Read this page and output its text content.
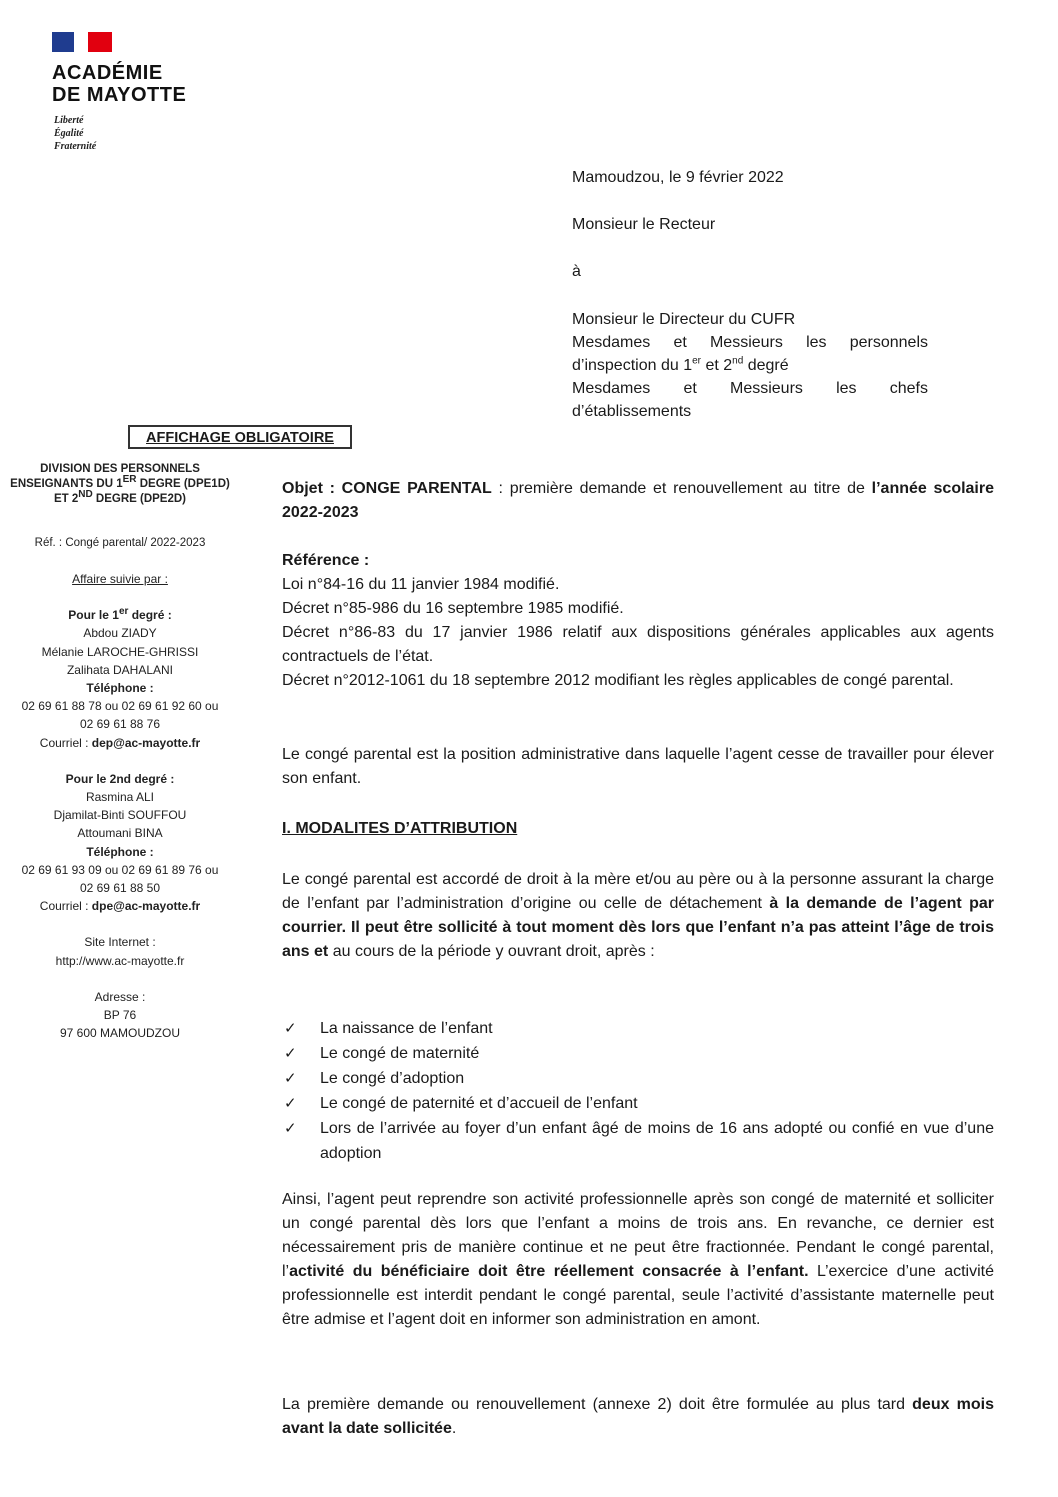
ACADÉMIE
DE MAYOTTE
Liberté
Égalité
Fraternité
Mamoudzou, le 9 février 2022
Monsieur le Recteur
à
Monsieur le Directeur du CUFR
Mesdames et Messieurs les personnels
d’inspection du 1er et 2nd degré
Mesdames et Messieurs les chefs
d’établissements
AFFICHAGE OBLIGATOIRE
DIVISION DES PERSONNELS
ENSEIGNANTS DU 1ER DEGRE (DPE1D)
ET 2ND DEGRE (DPE2D)
Réf. : Congé parental/ 2022-2023
Affaire suivie par :
Pour le 1er degré :
Abdou ZIADY
Mélanie LAROCHE-GHRISSI
Zalihata DAHALANI
Téléphone :
02 69 61 88 78 ou 02 69 61 92 60 ou
02 69 61 88 76
Courriel : dep@ac-mayotte.fr
Pour le 2nd degré :
Rasmina ALI
Djamilat-Binti SOUFFOU
Attoumani BINA
Téléphone :
02 69 61 93 09 ou 02 69 61 89 76 ou
02 69 61 88 50
Courriel : dpe@ac-mayotte.fr
Site Internet :
http://www.ac-mayotte.fr
Adresse :
BP 76
97 600 MAMOUDZOU

Objet : CONGE PARENTAL : première demande et renouvellement au titre de l’année scolaire 2022-2023

Référence :

Loi n°84-16 du 11 janvier 1984 modifié.

Décret n°85-986 du 16 septembre 1985 modifié.

Décret n°86-83 du 17 janvier 1986 relatif aux dispositions générales applicables aux agents contractuels de l’état.

Décret n°2012-1061 du 18 septembre 2012 modifiant les règles applicables de congé parental.

Le congé parental est la position administrative dans laquelle l’agent cesse de travailler pour élever son enfant.

I. MODALITES D’ATTRIBUTION

Le congé parental est accordé de droit à la mère et/ou au père ou à la personne assurant la charge de l’enfant par l’administration d’origine ou celle de détachement à la demande de l’agent par courrier. Il peut être sollicité à tout moment dès lors que l’enfant n’a pas atteint l’âge de trois ans et au cours de la période y ouvrant droit, après :

✓ La naissance de l’enfant
✓ Le congé de maternité
✓ Le congé d’adoption
✓ Le congé de paternité et d’accueil de l’enfant
✓	Lors de l’arrivée au foyer d’un enfant âgé de moins de 16 ans adopté ou confié en vue d’une adoption

Ainsi, l’agent peut reprendre son activité professionnelle après son congé de maternité et solliciter un congé parental dès lors que l’enfant a moins de trois ans. En revanche, ce dernier est nécessairement pris de manière continue et ne peut être fractionnée. Pendant le congé parental, l’activité du bénéficiaire doit être réellement consacrée à l’enfant. L’exercice d’une activité professionnelle est interdit pendant le congé parental, seule l’activité d’assistante maternelle peut être admise et l’agent doit en informer son administration en amont.

La première demande ou renouvellement (annexe 2) doit être formulée au plus tard deux mois avant la date sollicitée.
